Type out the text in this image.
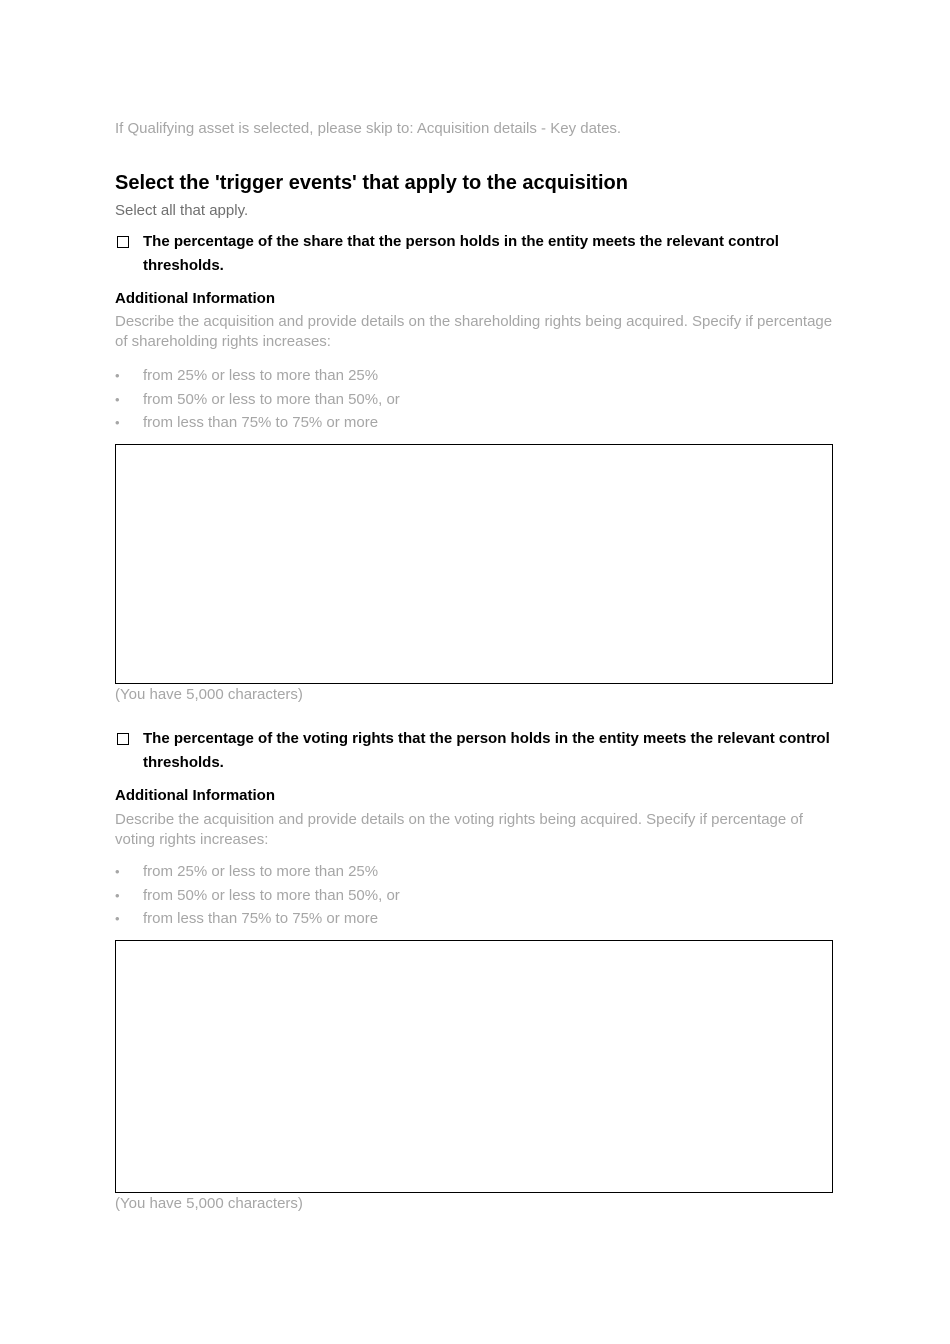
If Qualifying asset is selected, please skip to: Acquisition details - Key dates.
Select the 'trigger events' that apply to the acquisition
Select all that apply.
The percentage of the share that the person holds in the entity meets the relevant control thresholds.
Additional Information
Describe the acquisition and provide details on the shareholding rights being acquired. Specify if percentage of shareholding rights increases:
• from 25% or less to more than 25%
• from 50% or less to more than 50%, or
• from less than 75% to 75% or more
(You have 5,000 characters)
The percentage of the voting rights that the person holds in the entity meets the relevant control thresholds.
Additional Information
Describe the acquisition and provide details on the voting rights being acquired. Specify if percentage of voting rights increases:
• from 25% or less to more than 25%
• from 50% or less to more than 50%, or
• from less than 75% to 75% or more
(You have 5,000 characters)
